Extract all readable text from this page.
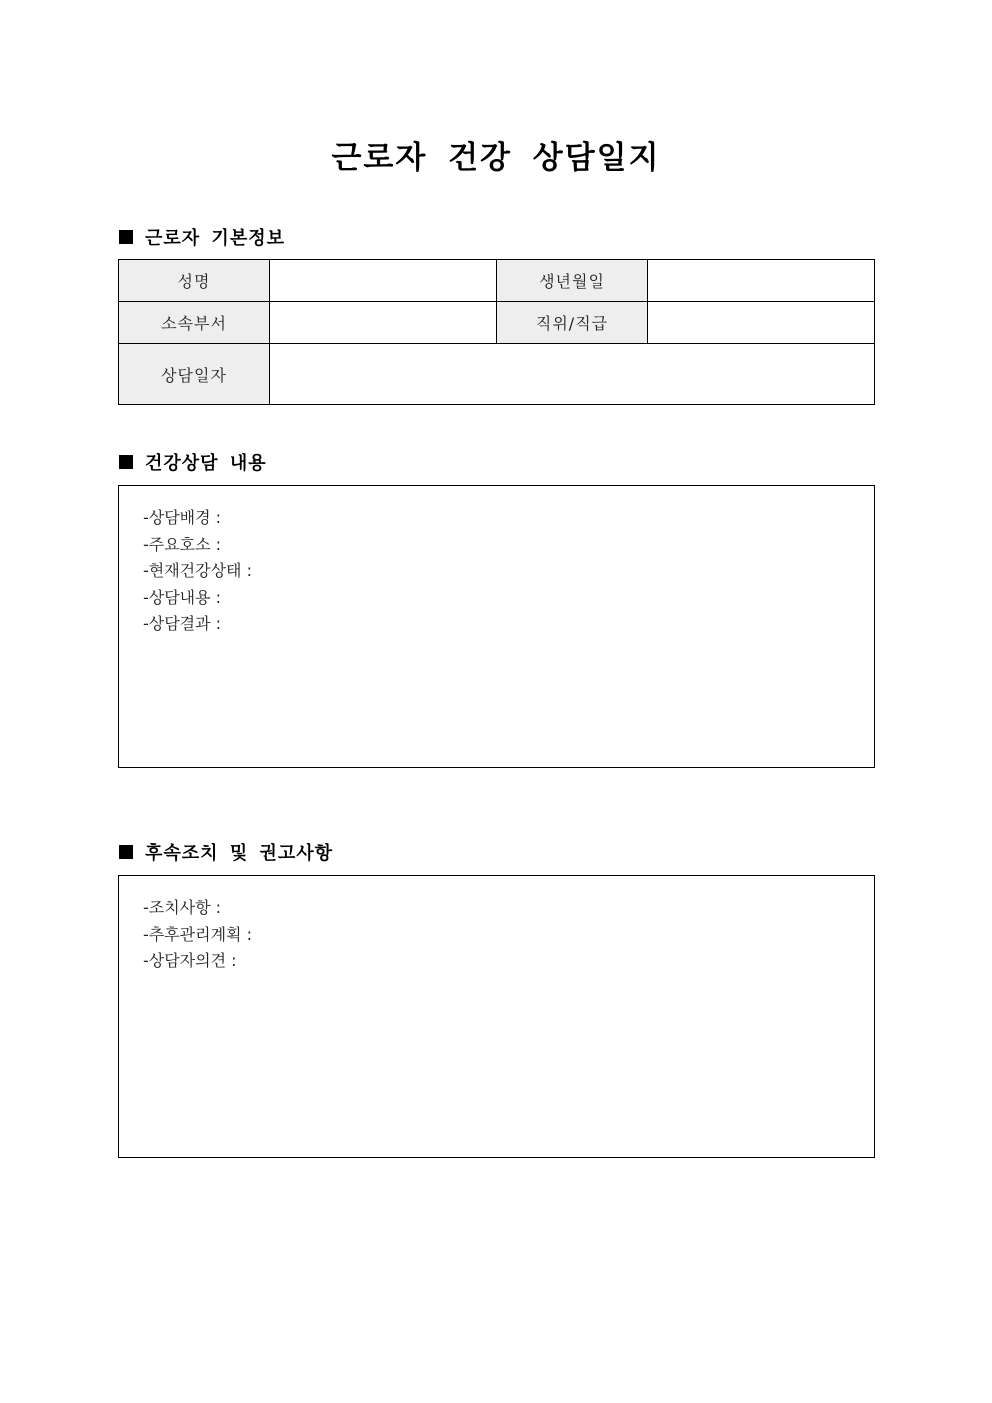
근로자 건강 상담일지
근로자 기본정보
성명		생년월일	
소속부서		직위/직급	
상담일자			
건강상담 내용
-상담배경 :
-주요호소 :
-현재건강상태 :
-상담내용 :
-상담결과 :
후속조치 및 권고사항
-조치사항 :
-추후관리계획 :
-상담자의견 :
